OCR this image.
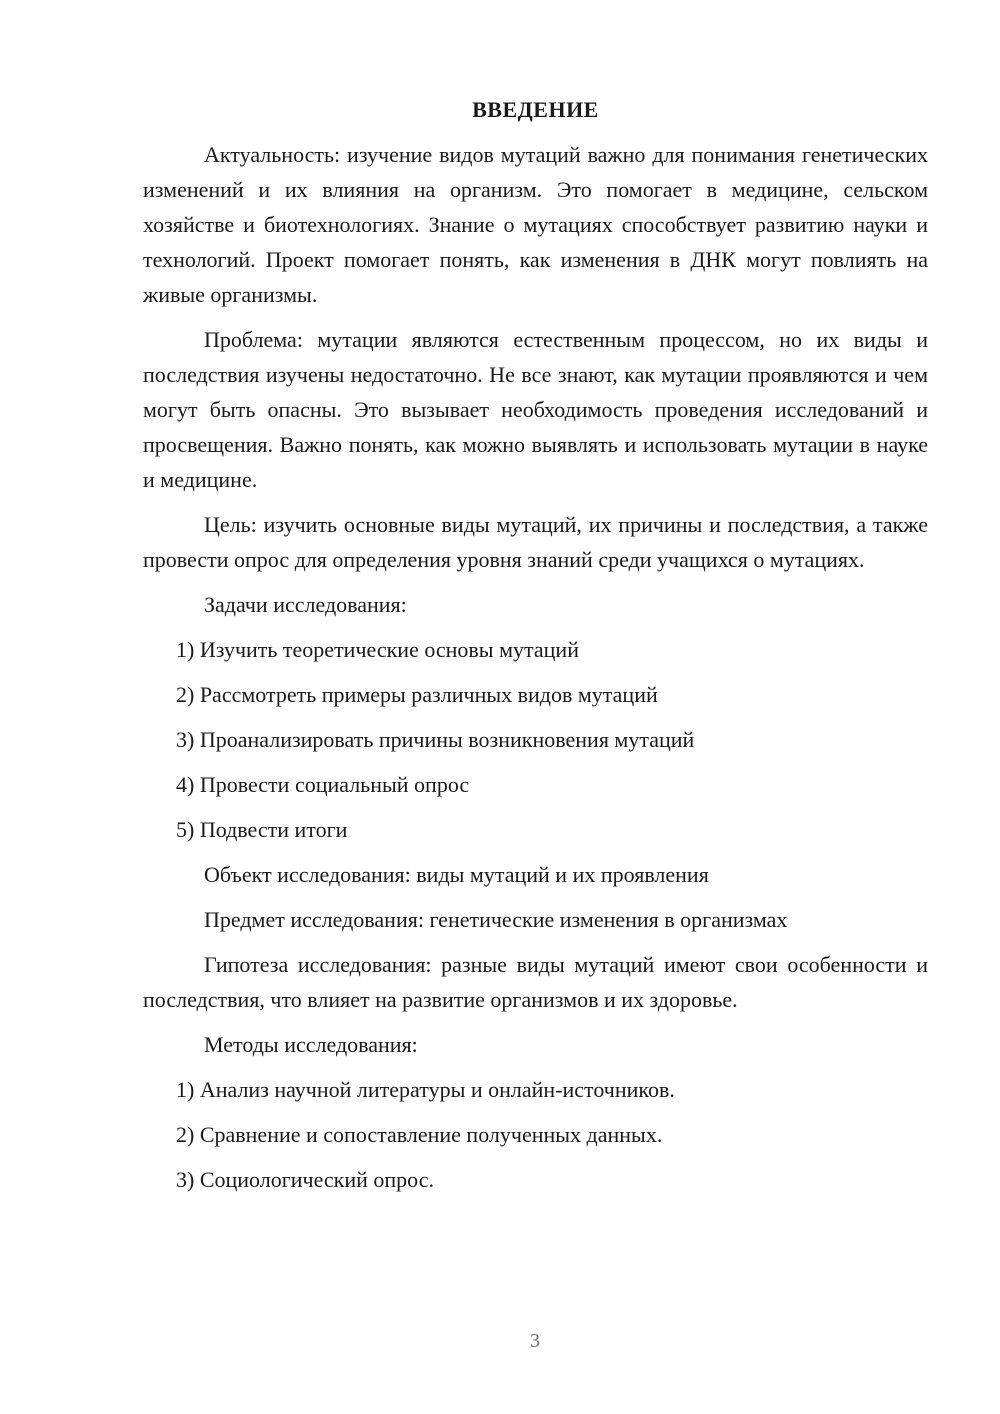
ВВЕДЕНИЕ

Актуальность: изучение видов мутаций важно для понимания генетических изменений и их влияния на организм. Это помогает в медицине, сельском хозяйстве и биотехнологиях. Знание о мутациях способствует развитию науки и технологий. Проект помогает понять, как изменения в ДНК могут повлиять на живые организмы.

Проблема: мутации являются естественным процессом, но их виды и последствия изучены недостаточно. Не все знают, как мутации проявляются и чем могут быть опасны. Это вызывает необходимость проведения исследований и просвещения. Важно понять, как можно выявлять и использовать мутации в науке и медицине.

Цель: изучить основные виды мутаций, их причины и последствия, а также провести опрос для определения уровня знаний среди учащихся о мутациях.

Задачи исследования:
1) Изучить теоретические основы мутаций
2) Рассмотреть примеры различных видов мутаций
3) Проанализировать причины возникновения мутаций
4) Провести социальный опрос
5) Подвести итоги
Объект исследования: виды мутаций и их проявления
Предмет исследования: генетические изменения в организмах

Гипотеза исследования: разные виды мутаций имеют свои особенности и последствия, что влияет на развитие организмов и их здоровье.

Методы исследования:
1) Анализ научной литературы и онлайн-источников.
2) Сравнение и сопоставление полученных данных.
3) Социологический опрос.
3
